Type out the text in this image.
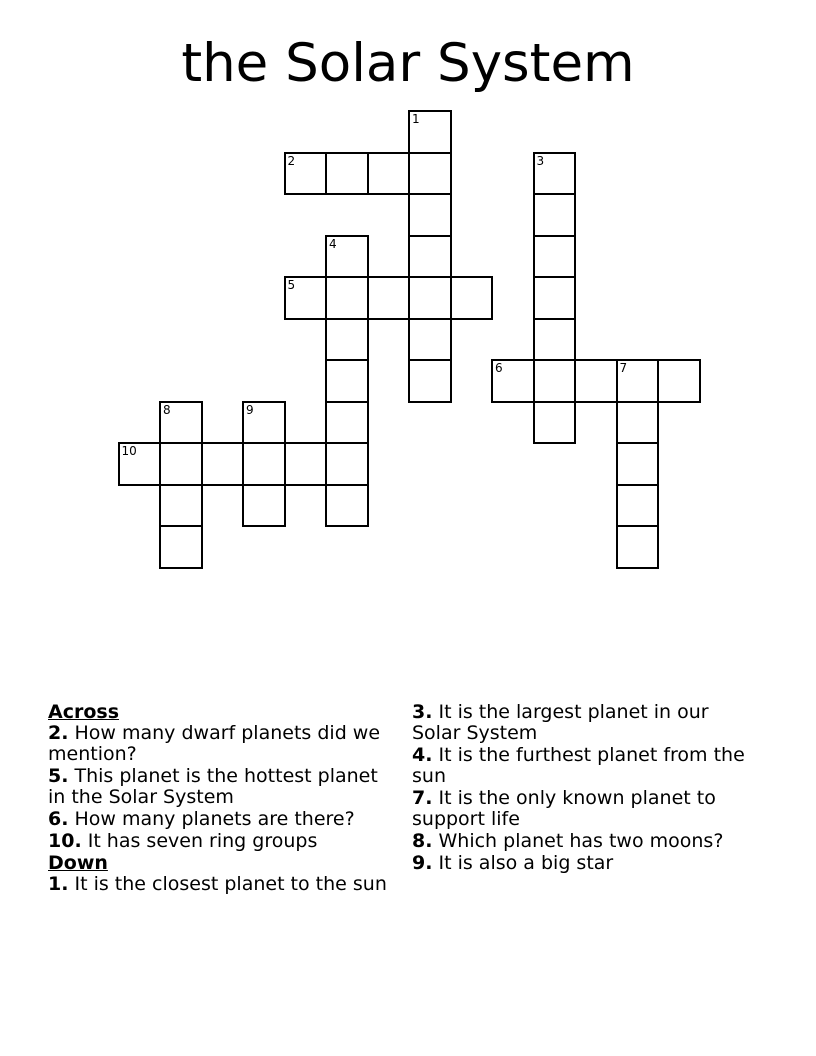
the Solar System
1
2	3
4
5
6	7
8	9
10
Across
2. How many dwarf planets did we mention?
5. This planet is the hottest planet in the Solar System
6. How many planets are there?
10. It has seven ring groups
Down
1. It is the closest planet to the sun
3. It is the largest planet in our Solar System
4. It is the furthest planet from the sun
7. It is the only known planet to support life
8. Which planet has two moons?
9. It is also a big star
